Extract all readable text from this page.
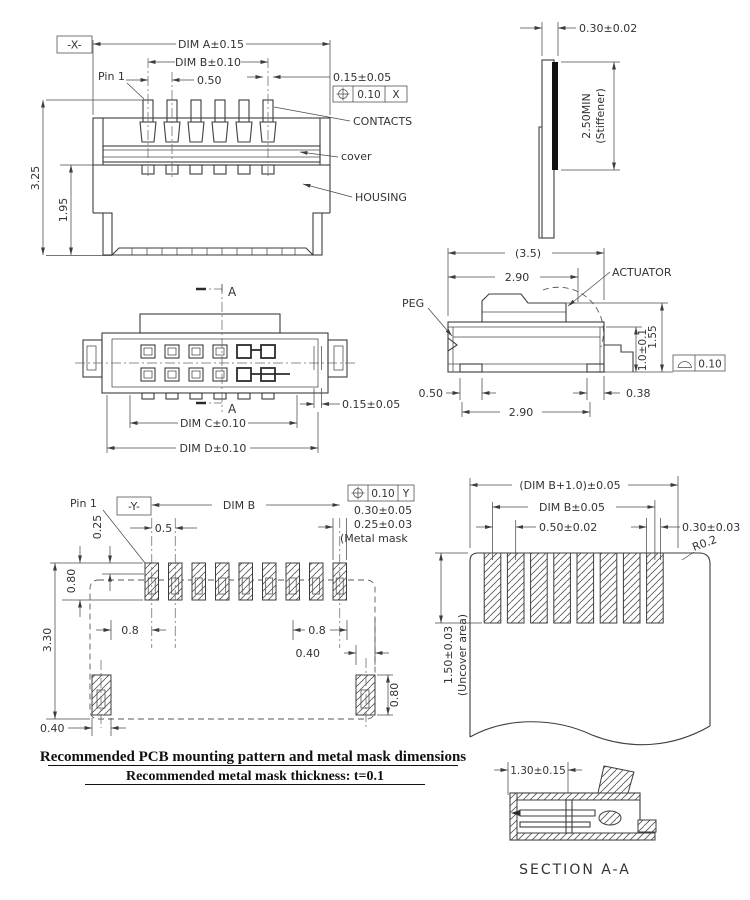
-X-	DIM A±0.15
DIM B±0.10
0.50
Pin 1	0.15±0.05
0.10 X
CONTACTS
cover
HOUSING
3.25
1.95
0.30±0.02
2.50MIN (Stiffener)
A
A	0.15±0.05
DIM C±0.10
DIM D±0.10
(3.5)
2.90	ACTUATOR
PEG
1.0±0.1
1.55
0.10
0.50	0.38
2.90
Pin 1	-Y-	DIM B
0.5
0.25
0.80
3.30	0.8	0.8
0.40
0.80
0.40
0.10 Y
0.30±0.05
0.25±0.03
(Metal mask
(DIM B+1.0)±0.05
DIM B±0.05
0.50±0.02	0.30±0.03
R0.2
1.50±0.03 (Uncover area)
Recommended PCB mounting pattern and metal mask dimensions
Recommended metal mask thickness: t=0.1	1.30±0.15
SECTION A-A
